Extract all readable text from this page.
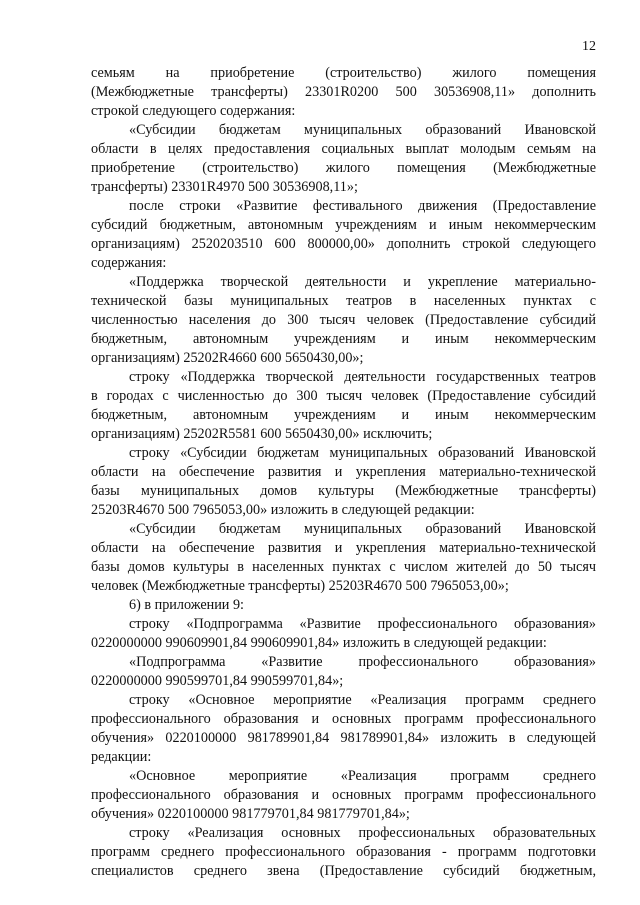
12
семьям на приобретение (строительство) жилого помещения
(Межбюджетные трансферты) 23301R0200 500 30536908,11» дополнить
строкой следующего содержания:
«Субсидии бюджетам муниципальных образований Ивановской
области в целях предоставления социальных выплат молодым семьям на
приобретение (строительство) жилого помещения (Межбюджетные
трансферты) 23301R4970 500 30536908,11»;
после строки «Развитие фестивального движения (Предоставление
субсидий бюджетным, автономным учреждениям и иным некоммерческим
организациям) 2520203510 600 800000,00» дополнить строкой следующего
содержания:
«Поддержка творческой деятельности и укрепление материально-
технической базы муниципальных театров в населенных пунктах с
численностью населения до 300 тысяч человек (Предоставление субсидий
бюджетным, автономным учреждениям и иным некоммерческим
организациям) 25202R4660 600 5650430,00»;
строку «Поддержка творческой деятельности государственных театров
в городах с численностью до 300 тысяч человек (Предоставление субсидий
бюджетным, автономным учреждениям и иным некоммерческим
организациям) 25202R5581 600 5650430,00» исключить;
строку «Субсидии бюджетам муниципальных образований Ивановской
области на обеспечение развития и укрепления материально-технической
базы муниципальных домов культуры (Межбюджетные трансферты)
25203R4670 500 7965053,00» изложить в следующей редакции:
«Субсидии бюджетам муниципальных образований Ивановской
области на обеспечение развития и укрепления материально-технической
базы домов культуры в населенных пунктах с числом жителей до 50 тысяч
человек (Межбюджетные трансферты) 25203R4670 500 7965053,00»;
6) в приложении 9:
строку «Подпрограмма «Развитие профессионального образования»
0220000000 990609901,84 990609901,84» изложить в следующей редакции:
«Подпрограмма «Развитие профессионального образования»
0220000000 990599701,84 990599701,84»;
строку «Основное мероприятие «Реализация программ среднего
профессионального образования и основных программ профессионального
обучения» 0220100000 981789901,84 981789901,84» изложить в следующей
редакции:
«Основное мероприятие «Реализация программ среднего
профессионального образования и основных программ профессионального
обучения» 0220100000 981779701,84 981779701,84»;
строку «Реализация основных профессиональных образовательных
программ среднего профессионального образования - программ подготовки
специалистов среднего звена (Предоставление субсидий бюджетным,
